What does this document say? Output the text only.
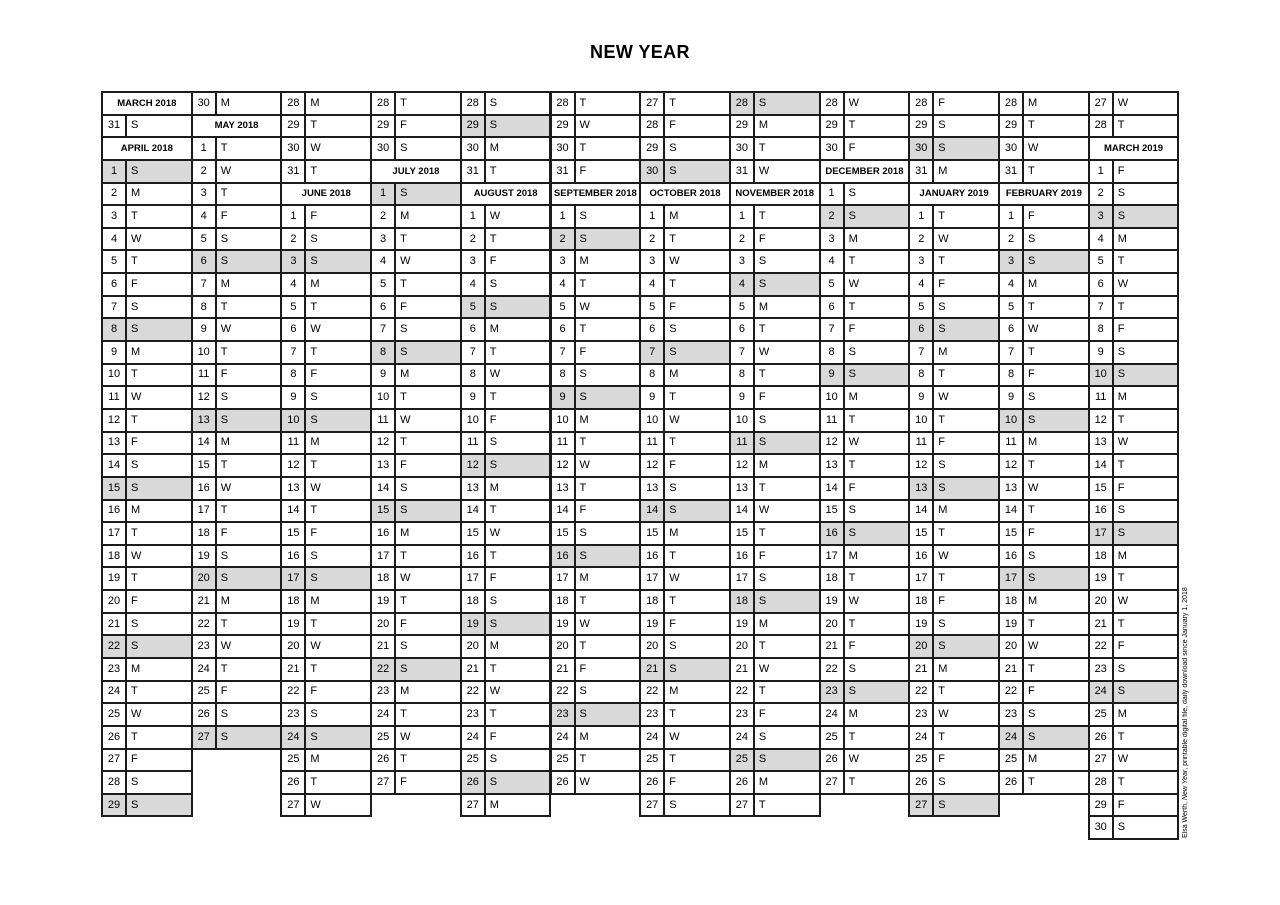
NEW YEAR
MARCH 2018
31 S
APRIL 2018
1	S
2	M
3	T
4	W
5	T
6	F
7	S
8	S
9	M
10 T
11	W
12 T
13 F
14 S
15 S
16 M
17 T
18 W
19 T
20 F
21 S
22 S
23 M
24 T
25 W
26 T
27 F
28 S
29 S
30 M
MAY 2018
1	T
2	W
3	T
4	F
5	S
6	S
7	M
8	T
9	W
10 T
11	F
12 S
13 S
14 M
15 T
16 W
17 T
18 F
19 S
20 S
21 M
22 T
23 W
24 T
25 F
26 S
27 S
28 M
29 T
30 W
31 T
JUNE 2018
1	F
2	S
3	S
4	M
5	T
6	W
7	T
8	F
9	S
10 S
11	M
12 T
13 W
14 T
15 F
16 S
17 S
18 M
19 T
20 W
21 T
22 F
23 S
24 S
25 M
26 T
27 W
28 T
29 F
30 S
JULY 2018
1	S
2	M
3	T
4	W
5	T
6	F
7	S
8	S
9	M
10 T
11	W
12 T
13 F
14 S
15 S
16 M
17 T
18 W
19 T
20 F
21 S
22 S
23 M
24 T
25 W
26 T
27 F
28 S
29 S
30 M
31 T
AUGUST 2018
1	W
2	T
3	F
4	S
5	S
6	M
7	T
8	W
9	T
10 F
11	S
12 S
13 M
14 T
15 W
16 T
17 F
18 S
19 S
20 M
21 T
22 W
23 T
24 F
25 S
26 S
27 M
28 T
29 W
30 T
31 F
SEPTEMBER 2018
1	S
2	S
3	M
4	T
5	W
6	T
7	F
8	S
9	S
10 M
11	T
12 W
13 T
14 F
15 S
16 S
17 M
18 T
19 W
20 T
21 F
22 S
23 S
24 M
25 T
26 W
27 T
28 F
29 S
30 S
OCTOBER 2018
1	M
2	T
3	W
4	T
5	F
6	S
7	S
8	M
9	T
10 W
11	T
12 F
13 S
14 S
15 M
16 T
17 W
18 T
19 F
20 S
21 S
22 M
23 T
24 W
25 T
26 F
27 S
28 S
29 M
30 T
31 W
NOVEMBER 2018
1	T
2	F
3	S
4	S
5	M
6	T
7	W
8	T
9	F
10 S
11	S
12 M
13 T
14 W
15 T
16 F
17 S
18 S
19 M
20 T
21 W
22 T
23 F
24 S
25 S
26 M
27 T
28 W
29 T
30 F
DECEMBER 2018
1	S
2	S
3	M
4	T
5	W
6	T
7	F
8	S
9	S
10 M
11	T
12 W
13 T
14 F
15 S
16 S
17 M
18 T
19 W
20 T
21 F
22 S
23 S
24 M
25 T
26 W
27 T
28 F
29 S
30 S
31 M
JANUARY 2019
1	T
2	W
3	T
4	F
5	S
6	S
7	M
8	T
9	W
10 T
11	F
12 S
13 S
14 M
15 T
16 W
17 T
18 F
19 S
20 S
21 M
22 T
23 W
24 T
25 F
26 S
27 S
28 M
29 T
30 W
31 T
FEBRUARY 2019
1	F
2	S
3	S
4	M
5	T
6	W
7	T
8	F
9	S
10 S
11	M
12 T
13 W
14 T
15 F
16 S
17 S
18 M
19 T
20 W
21 T
22 F
23 S
24 S
25 M
26 T
27 W
28 T
MARCH 2019
1	F
2	S
3	S
4	M
5	T
6	W
7	T
8	F
9	S
10 S
11	M
12 T
13 W
14 T
15 F
16 S
17 S
18 M
19 T
20 W
21 T
22 F
23 S
24 S
25 M
26 T
27 W
28 T
29 F
30 S	Elsa Werth, New Year, printable digital file, daily download since January 1, 2018
